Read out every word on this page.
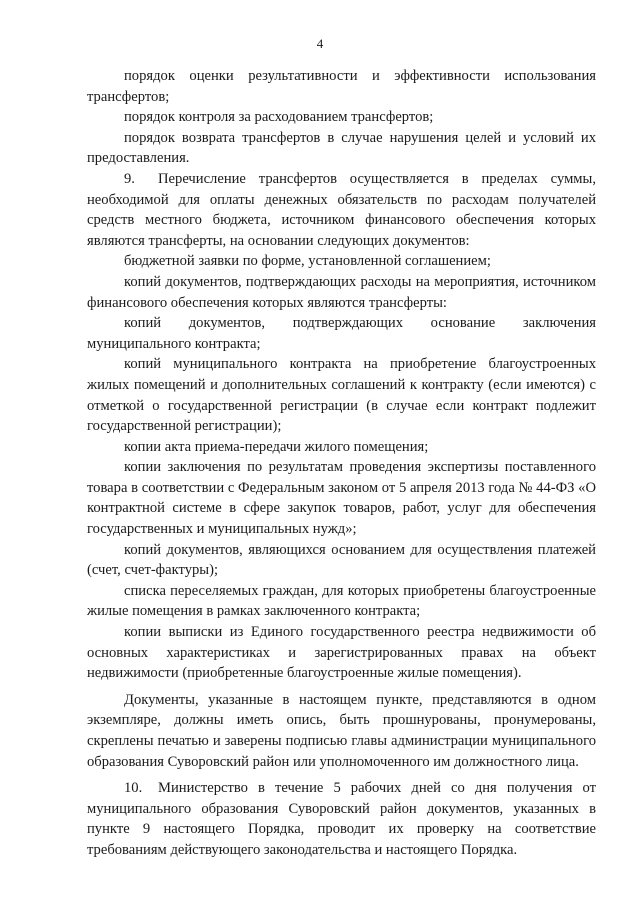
4

порядок оценки результативности и эффективности использования трансфертов;

порядок контроля за расходованием трансфертов;

порядок возврата трансфертов в случае нарушения целей и условий их предоставления.

9. Перечисление трансфертов осуществляется в пределах суммы, необходимой для оплаты денежных обязательств по расходам получателей средств местного бюджета, источником финансового обеспечения которых являются трансферты, на основании следующих документов:

бюджетной заявки по форме, установленной соглашением;

копий документов, подтверждающих расходы на мероприятия, источником финансового обеспечения которых являются трансферты:

копий документов, подтверждающих основание заключения муниципального контракта;

копий муниципального контракта на приобретение благоустроенных жилых помещений и дополнительных соглашений к контракту (если имеются) с отметкой о государственной регистрации (в случае если контракт подлежит государственной регистрации);

копии акта приема-передачи жилого помещения;

копии заключения по результатам проведения экспертизы поставленного товара в соответствии с Федеральным законом от 5 апреля 2013 года № 44-ФЗ «О контрактной системе в сфере закупок товаров, работ, услуг для обеспечения государственных и муниципальных нужд»;

копий документов, являющихся основанием для осуществления платежей (счет, счет-фактуры);

списка переселяемых граждан, для которых приобретены благоустроенные жилые помещения в рамках заключенного контракта;

копии выписки из Единого государственного реестра недвижимости об основных характеристиках и зарегистрированных правах на объект недвижимости (приобретенные благоустроенные жилые помещения).

Документы, указанные в настоящем пункте, представляются в одном экземпляре, должны иметь опись, быть прошнурованы, пронумерованы, скреплены печатью и заверены подписью главы администрации муниципального образования Суворовский район или уполномоченного им должностного лица.

10. Министерство в течение 5 рабочих дней со дня получения от муниципального образования Суворовский район документов, указанных в пункте 9 настоящего Порядка, проводит их проверку на соответствие требованиям действующего законодательства и настоящего Порядка.
